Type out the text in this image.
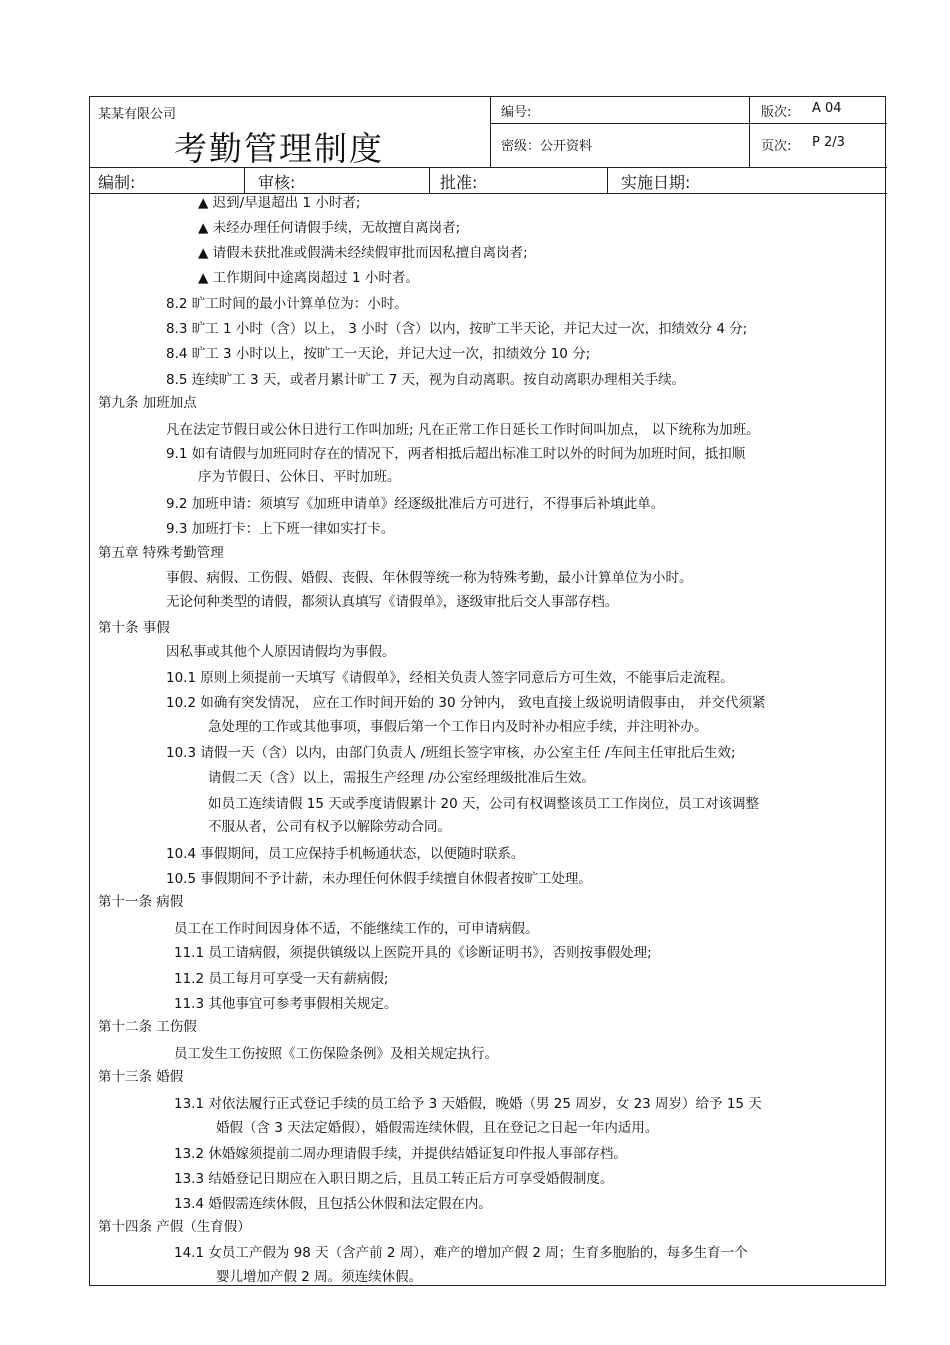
某某有限公司
考勤管理制度
编号:	版次: A 04
密级：公开资料	页次: P 2/3
编制:	审核:	批准:	实施日期:
▲ 迟到/早退超出 1 小时者;
▲ 未经办理任何请假手续，无故擅自离岗者;
▲ 请假未获批准或假满未经续假审批而因私擅自离岗者;
▲ 工作期间中途离岗超过 1 小时者。
8.2 旷工时间的最小计算单位为：小时。
8.3 旷工 1 小时（含）以上， 3 小时（含）以内，按旷工半天论，并记大过一次，扣绩效分 4 分;
8.4 旷工 3 小时以上，按旷工一天论，并记大过一次，扣绩效分 10 分;
8.5 连续旷工 3 天，或者月累计旷工 7 天，视为自动离职。按自动离职办理相关手续。
第九条 加班加点
凡在法定节假日或公休日进行工作叫加班; 凡在正常工作日延长工作时间叫加点， 以下统称为加班。
9.1 如有请假与加班同时存在的情况下，两者相抵后超出标准工时以外的时间为加班时间，抵扣顺
序为节假日、公休日、平时加班。
9.2 加班申请：须填写《加班申请单》经逐级批准后方可进行，不得事后补填此单。
9.3 加班打卡：上下班一律如实打卡。
第五章 特殊考勤管理
事假、病假、工伤假、婚假、丧假、年休假等统一称为特殊考勤，最小计算单位为小时。
无论何种类型的请假，都须认真填写《请假单》，逐级审批后交人事部存档。
第十条 事假
因私事或其他个人原因请假均为事假。
10.1 原则上须提前一天填写《请假单》，经相关负责人签字同意后方可生效，不能事后走流程。
10.2 如确有突发情况， 应在工作时间开始的 30 分钟内， 致电直接上级说明请假事由， 并交代须紧
急处理的工作或其他事项，事假后第一个工作日内及时补办相应手续，并注明补办。
10.3 请假一天（含）以内，由部门负责人 /班组长签字审核，办公室主任 /车间主任审批后生效;
请假二天（含）以上，需报生产经理 /办公室经理级批准后生效。
如员工连续请假 15 天或季度请假累计 20 天，公司有权调整该员工工作岗位，员工对该调整
不服从者，公司有权予以解除劳动合同。
10.4 事假期间，员工应保持手机畅通状态，以便随时联系。
10.5 事假期间不予计薪，未办理任何休假手续擅自休假者按旷工处理。
第十一条 病假
员工在工作时间因身体不适，不能继续工作的，可申请病假。
11.1 员工请病假，须提供镇级以上医院开具的《诊断证明书》，否则按事假处理;
11.2 员工每月可享受一天有薪病假;
11.3 其他事宜可参考事假相关规定。
第十二条 工伤假
员工发生工伤按照《工伤保险条例》及相关规定执行。
第十三条 婚假
13.1 对依法履行正式登记手续的员工给予 3 天婚假，晚婚（男 25 周岁，女 23 周岁）给予 15 天
婚假（含 3 天法定婚假），婚假需连续休假，且在登记之日起一年内适用。
13.2 休婚嫁须提前二周办理请假手续，并提供结婚证复印件报人事部存档。
13.3 结婚登记日期应在入职日期之后，且员工转正后方可享受婚假制度。
13.4 婚假需连续休假，且包括公休假和法定假在内。
第十四条 产假（生育假）
14.1 女员工产假为 98 天（含产前 2 周），难产的增加产假 2 周；生育多胞胎的，每多生育一个
婴儿增加产假 2 周。须连续休假。
